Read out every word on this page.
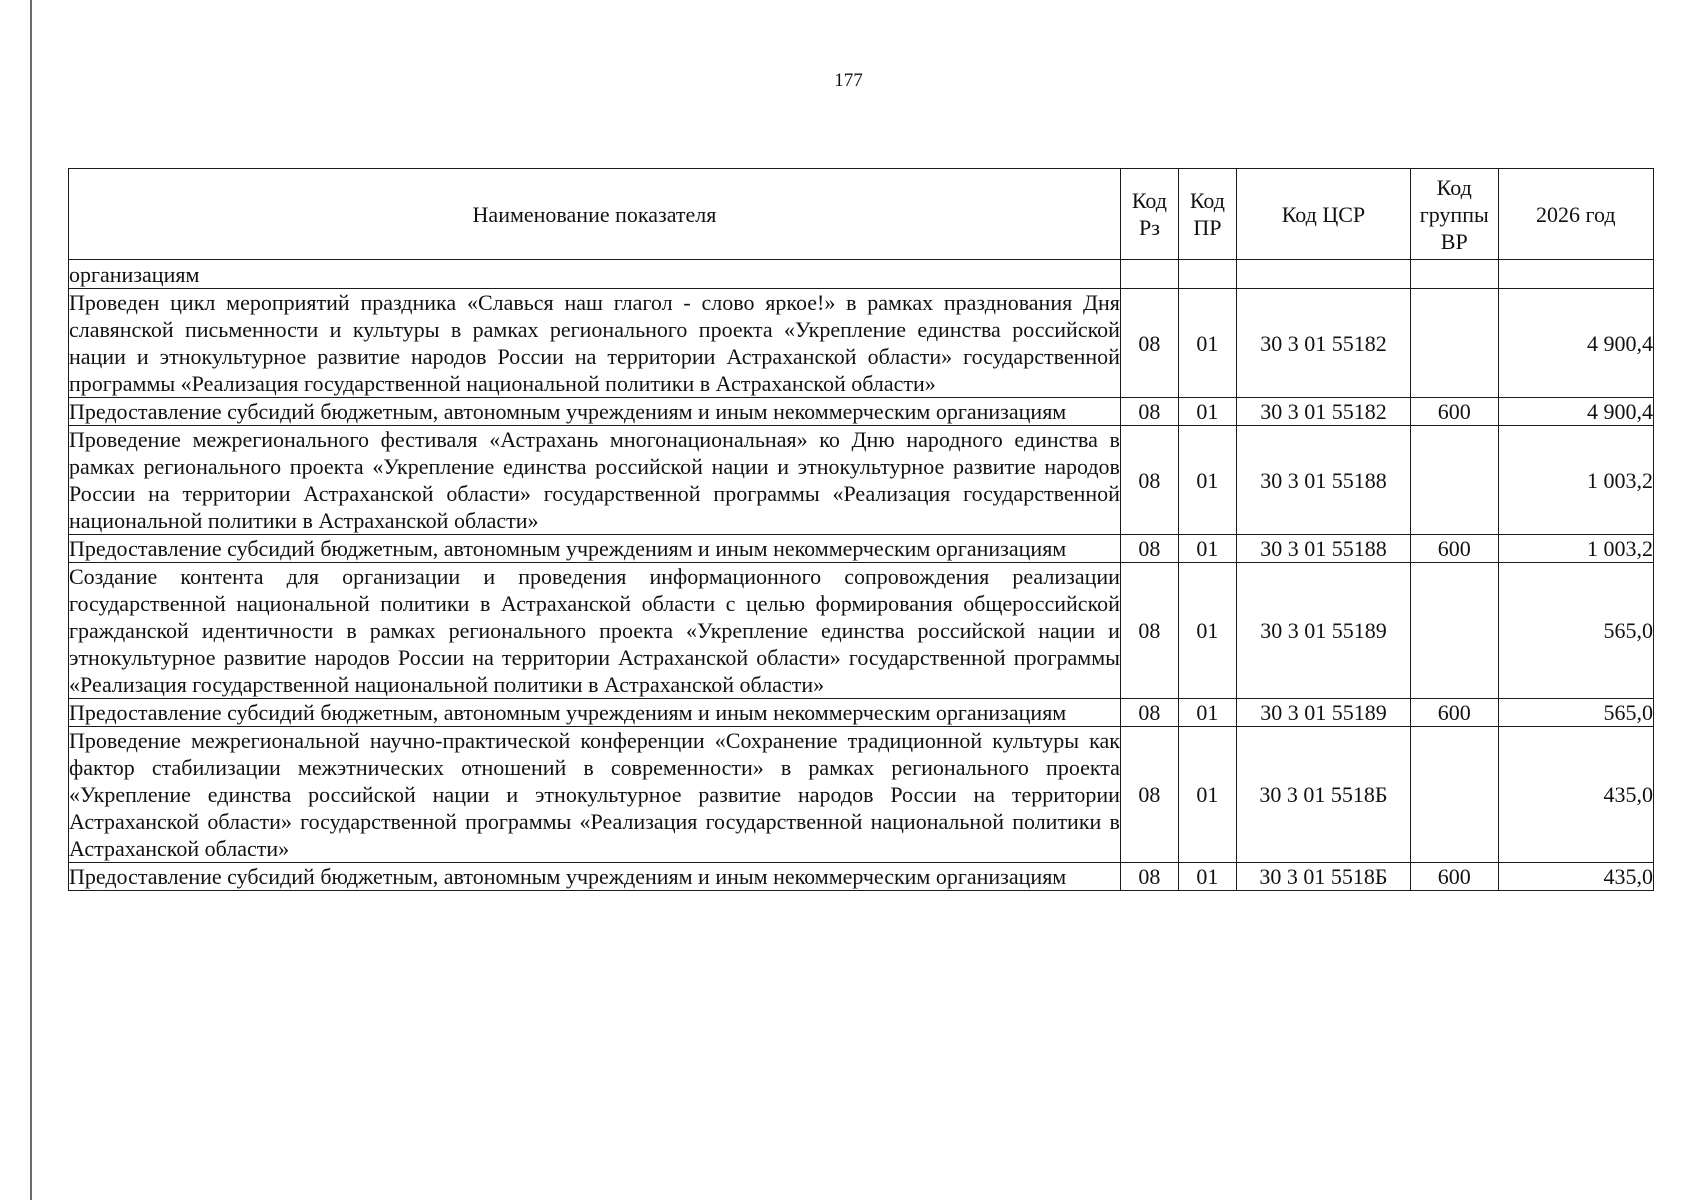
177
Наименование показателя	Код Рз	Код ПР	Код ЦСР	Код группы ВР	2026 год
организациям					
Проведен цикл мероприятий праздника «Славься наш глагол - слово яркое!» в рамках празднования Дня славянской письменности и культуры в рамках регионального проекта «Укрепление единства российской нации и этнокультурное развитие народов России на территории Астраханской области» государственной программы «Реализация государственной национальной политики в Астраханской области»	08	01	30 3 01 55182		4 900,4
Предоставление субсидий бюджетным, автономным учреждениям и иным некоммерческим организациям	08	01	30 3 01 55182	600	4 900,4
Проведение межрегионального фестиваля «Астрахань многонациональная» ко Дню народного единства в рамках регионального проекта «Укрепление единства российской нации и этнокультурное развитие народов России на территории Астраханской области» государственной программы «Реализация государственной национальной политики в Астраханской области»	08	01	30 3 01 55188		1 003,2
Предоставление субсидий бюджетным, автономным учреждениям и иным некоммерческим организациям	08	01	30 3 01 55188	600	1 003,2
Создание контента для организации и проведения информационного сопровождения реализации государственной национальной политики в Астраханской области с целью формирования общероссийской гражданской идентичности в рамках регионального проекта «Укрепление единства российской нации и этнокультурное развитие народов России на территории Астраханской области» государственной программы «Реализация государственной национальной политики в Астраханской области»	08	01	30 3 01 55189		565,0
Предоставление субсидий бюджетным, автономным учреждениям и иным некоммерческим организациям	08	01	30 3 01 55189	600	565,0
Проведение межрегиональной научно-практической конференции «Сохранение традиционной культуры как фактор стабилизации межэтнических отношений в современности» в рамках регионального проекта «Укрепление единства российской нации и этнокультурное развитие народов России на территории Астраханской области» государственной программы «Реализация государственной национальной политики в Астраханской области»	08	01	30 3 01 5518Б		435,0
Предоставление субсидий бюджетным, автономным учреждениям и иным некоммерческим организациям	08	01	30 3 01 5518Б	600	435,0
